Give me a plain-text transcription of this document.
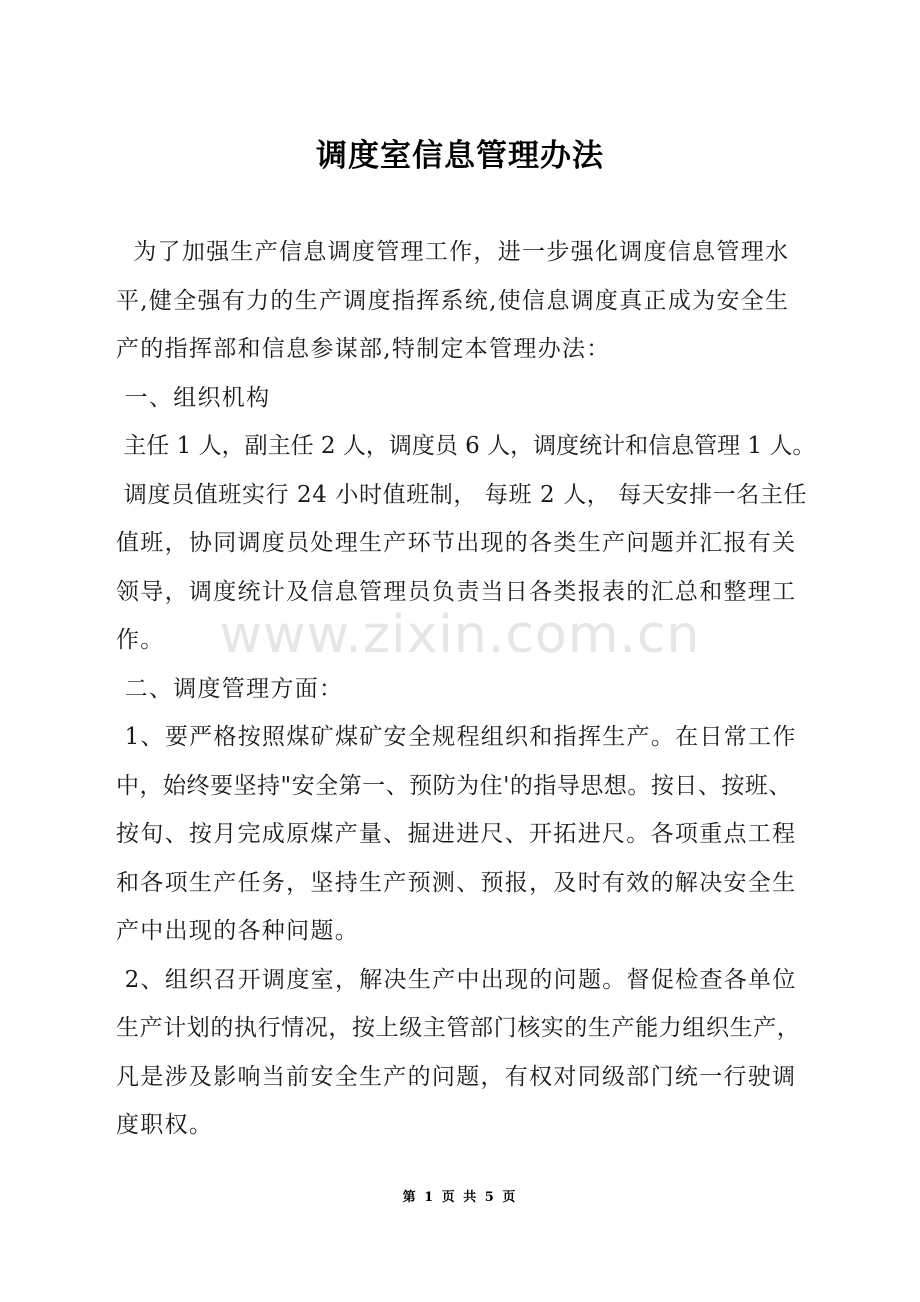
调度室信息管理办法

为了加强生产信息调度管理工作，进一步强化调度信息管理水

平,健全强有力的生产调度指挥系统,使信息调度真正成为安全生

产的指挥部和信息参谋部,特制定本管理办法：

一、组织机构

主任 1 人，副主任 2 人，调度员 6 人，调度统计和信息管理 1 人。

调度员值班实行 24 小时值班制， 每班 2 人， 每天安排一名主任

值班，协同调度员处理生产环节出现的各类生产问题并汇报有关

领导，调度统计及信息管理员负责当日各类报表的汇总和整理工

作。

二、调度管理方面：

1、要严格按照煤矿煤矿安全规程组织和指挥生产。在日常工作

中，始终要坚持"安全第一、预防为住'的指导思想。按日、按班、

按旬、按月完成原煤产量、掘进进尺、开拓进尺。各项重点工程

和各项生产任务，坚持生产预测、预报，及时有效的解决安全生

产中出现的各种问题。

2、组织召开调度室，解决生产中出现的问题。督促检查各单位

生产计划的执行情况，按上级主管部门核实的生产能力组织生产，

凡是涉及影响当前安全生产的问题，有权对同级部门统一行驶调

度职权。

www.zixin.com.cn
第 1 页 共 5 页
